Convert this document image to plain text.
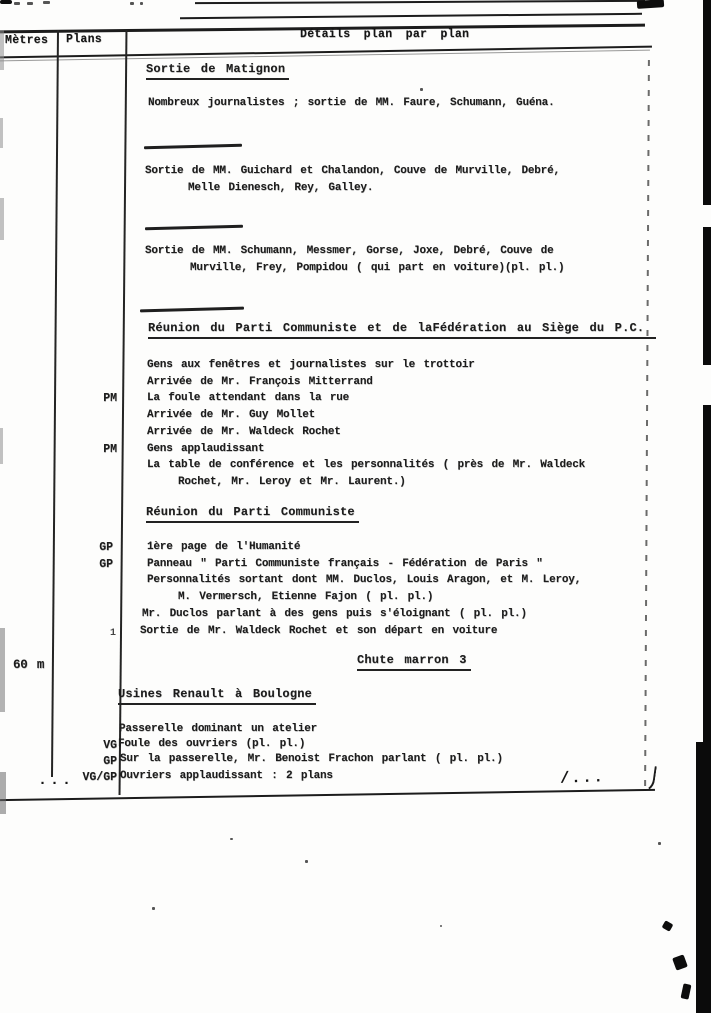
Mètres Plans	Détails plan par plan
Sortie de Matignon
Nombreux journalistes ; sortie de MM. Faure, Schumann, Guéna.
Sortie de MM. Guichard et Chalandon, Couve de Murville, Debré,
Melle Dienesch, Rey, Galley.
Sortie de MM. Schumann, Messmer, Gorse, Joxe, Debré, Couve de
Murville, Frey, Pompidou ( qui part en voiture)(pl. pl.)
Réunion du Parti Communiste et de laFédération au Siège du P.C.
Gens aux fenêtres et journalistes sur le trottoir
Arrivée de Mr. François Mitterrand
La foule attendant dans la rue
Arrivée de Mr. Guy Mollet
Arrivée de Mr. Waldeck Rochet
Gens applaudissant
La table de conférence et les personnalités ( près de Mr. Waldeck
Rochet, Mr. Leroy et Mr. Laurent.)
Réunion du Parti Communiste
1ère page de l'Humanité
Panneau " Parti Communiste français - Fédération de Paris "
Personnalités sortant dont MM. Duclos, Louis Aragon, et M. Leroy,
M. Vermersch, Etienne Fajon ( pl. pl.)
Mr. Duclos parlant à des gens puis s'éloignant ( pl. pl.)
Sortie de Mr. Waldeck Rochet et son départ en voiture
Chute marron 3
Usines Renault à Boulogne
Passerelle dominant un atelier
Foule des ouvriers (pl. pl.)
Sur la passerelle, Mr. Benoist Frachon parlant ( pl. pl.)
Ouvriers applaudissant : 2 plans
PM
PM
GP
GP
VG
GP
VG/GP
60 m
/...
...
1
